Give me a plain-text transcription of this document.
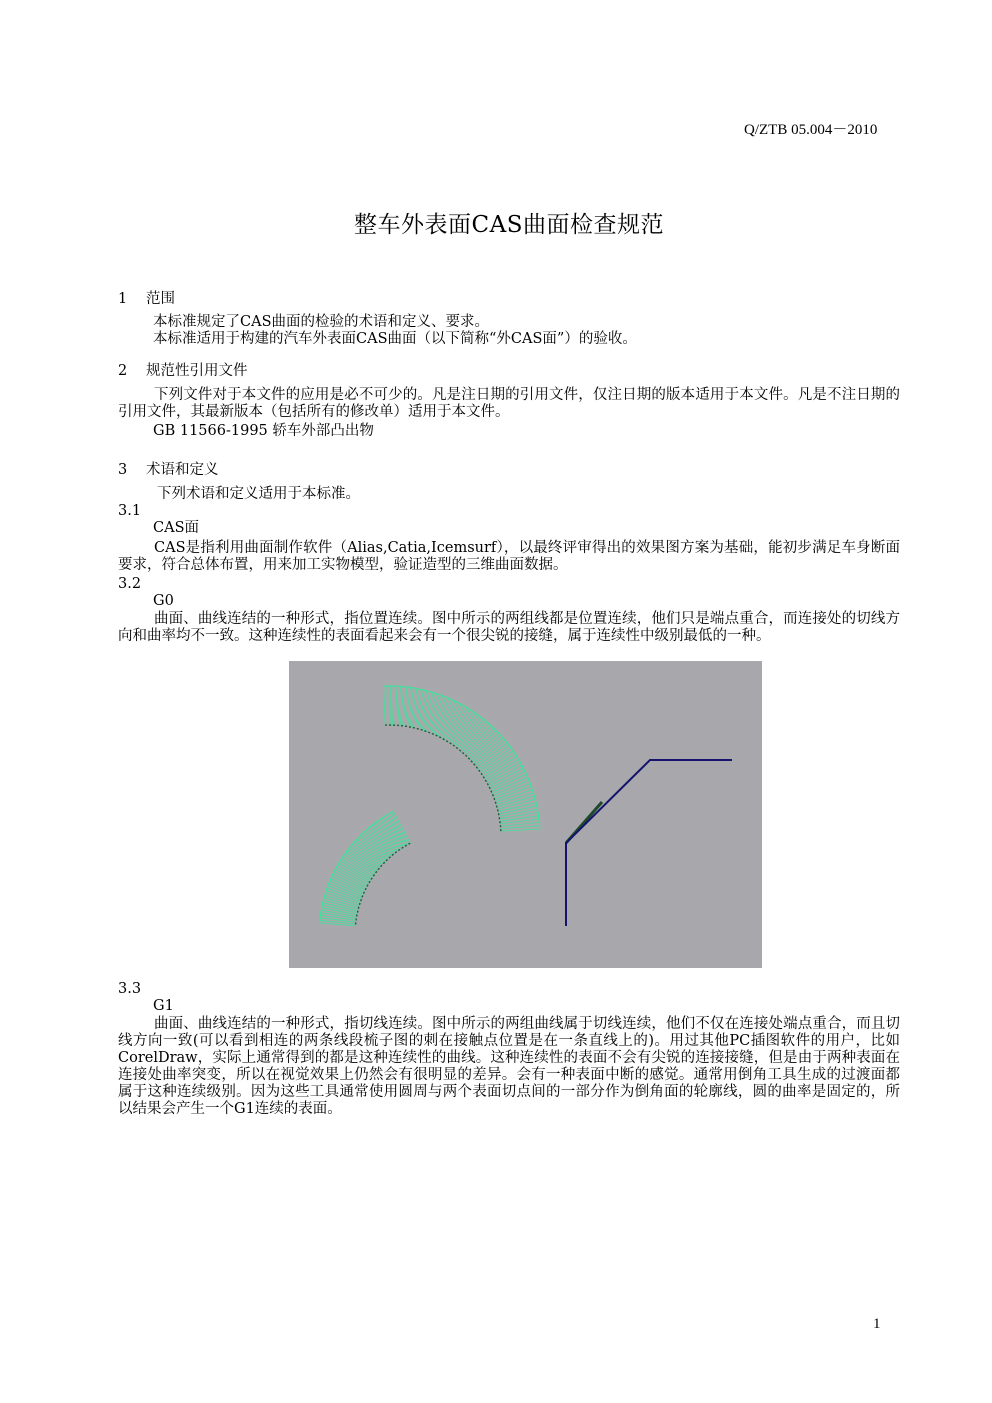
Q/ZTB 05.004－2010
整车外表面CAS曲面检查规范
1 范围
本标准规定了CAS曲面的检验的术语和定义、要求。
本标准适用于构建的汽车外表面CAS曲面（以下简称“外CAS面”）的验收。
2 规范性引用文件
下列文件对于本文件的应用是必不可少的。凡是注日期的引用文件，仅注日期的版本适用于本文件。凡是不注日期的引用文件，其最新版本（包括所有的修改单）适用于本文件。
GB 11566-1995 轿车外部凸出物
3 术语和定义
下列术语和定义适用于本标准。
3.1
CAS面
CAS是指利用曲面制作软件（Alias,Catia,Icemsurf），以最终评审得出的效果图方案为基础，能初步满足车身断面要求，符合总体布置，用来加工实物模型，验证造型的三维曲面数据。
3.2
G0
曲面、曲线连结的一种形式，指位置连续。图中所示的两组线都是位置连续，他们只是端点重合，而连接处的切线方向和曲率均不一致。这种连续性的表面看起来会有一个很尖锐的接缝，属于连续性中级别最低的一种。
3.3
G1
曲面、曲线连结的一种形式，指切线连续。图中所示的两组曲线属于切线连续，他们不仅在连接处端点重合，而且切线方向一致(可以看到相连的两条线段梳子图的刺在接触点位置是在一条直线上的)。用过其他PC插图软件的用户，比如CorelDraw，实际上通常得到的都是这种连续性的曲线。这种连续性的表面不会有尖锐的连接接缝，但是由于两种表面在连接处曲率突变，所以在视觉效果上仍然会有很明显的差异。会有一种表面中断的感觉。通常用倒角工具生成的过渡面都属于这种连续级别。因为这些工具通常使用圆周与两个表面切点间的一部分作为倒角面的轮廓线，圆的曲率是固定的，所以结果会产生一个G1连续的表面。
1
